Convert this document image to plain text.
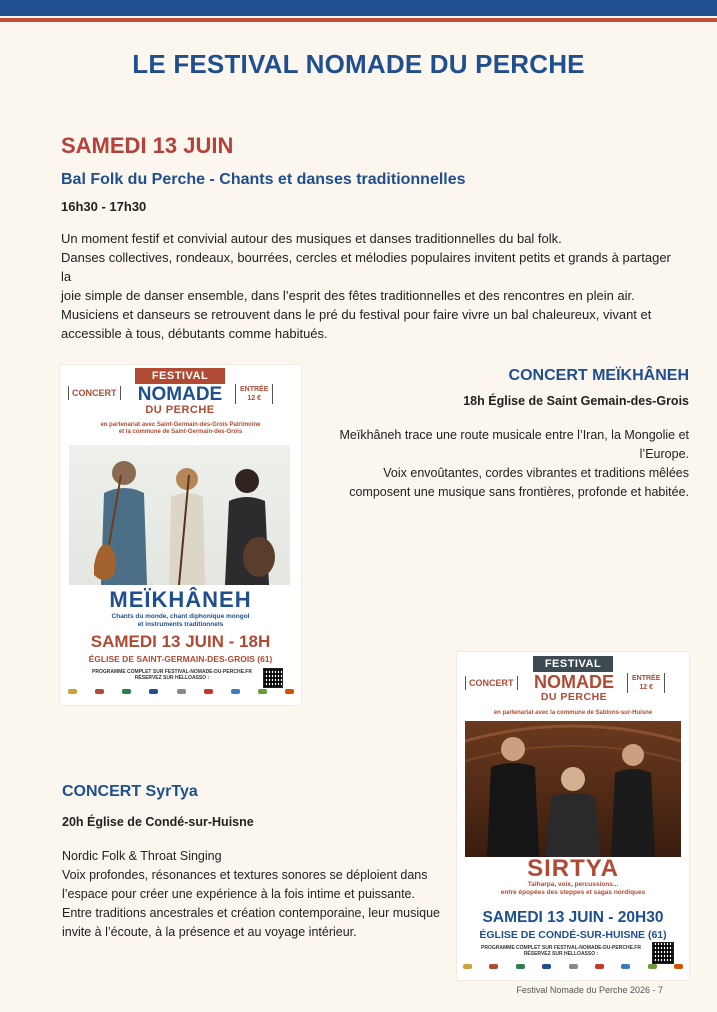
LE FESTIVAL NOMADE DU PERCHE
SAMEDI 13 JUIN
Bal Folk du Perche - Chants et danses traditionnelles
16h30 - 17h30
Un moment festif et convivial autour des musiques et danses traditionnelles du bal folk.
Danses collectives, rondeaux, bourrées, cercles et mélodies populaires invitent petits et grands à partager la
joie simple de danser ensemble, dans l’esprit des fêtes traditionnelles et des rencontres en plein air.
Musiciens et danseurs se retrouvent dans le pré du festival pour faire vivre un bal chaleureux, vivant et
accessible à tous, débutants comme habitués.
CONCERT
FESTIVAL
NOMADE
DU PERCHE
ENTRÉE
12 €
en partenariat avec Saint-Germain-des-Grois Patrimoine
et la commune de Saint-Germain-des-Grois
MEÏKHÂNEH
Chants du monde, chant diphonique mongol
et instruments traditionnels
SAMEDI 13 JUIN - 18H
ÉGLISE DE SAINT-GERMAIN-DES-GROIS (61)
PROGRAMME COMPLET SUR FESTIVAL-NOMADE-DU-PERCHE.FR
RÉSERVEZ SUR HELLOASSO :
CONCERT MEÏKHÂNEH
18h Église de Saint Gemain-des-Grois
Meïkhâneh trace une route musicale entre l’Iran, la Mongolie et
l’Europe.
Voix envoûtantes, cordes vibrantes et traditions mêlées
composent une musique sans frontières, profonde et habitée.
CONCERT
FESTIVAL
NOMADE
DU PERCHE
ENTRÉE
12 €
en partenariat avec la commune de Sablons-sur-Huisne
SIRTYA
Talharpa, voix, percussions...
entre épopées des steppes et sagas nordiques
SAMEDI 13 JUIN - 20H30
ÉGLISE DE CONDÉ-SUR-HUISNE (61)
PROGRAMME COMPLET SUR FESTIVAL-NOMADE-DU-PERCHE.FR
RÉSERVEZ SUR HELLOASSO :
CONCERT SyrTya
20h Église de Condé-sur-Huisne
Nordic Folk & Throat Singing
Voix profondes, résonances et textures sonores se déploient dans
l’espace pour créer une expérience à la fois intime et puissante.
Entre traditions ancestrales et création contemporaine, leur musique
invite à l’écoute, à la présence et au voyage intérieur.
Festival Nomade du Perche 2026 - 7
